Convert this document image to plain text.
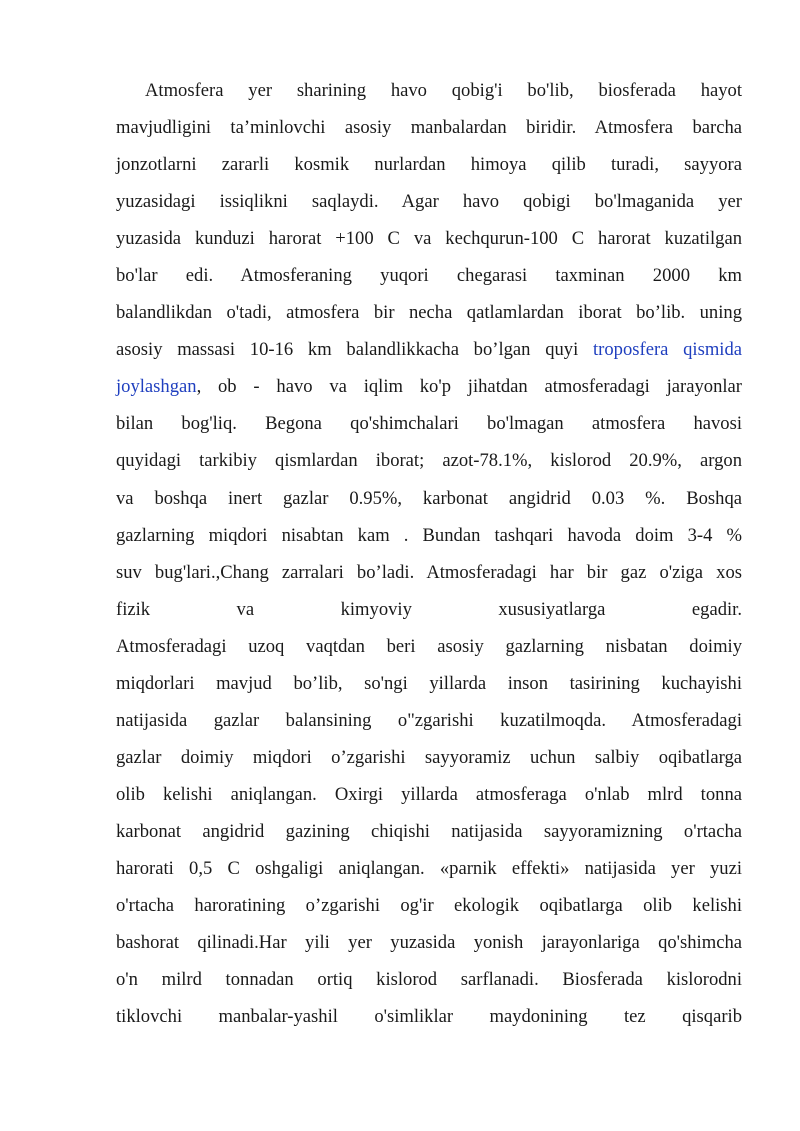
Atmosfera yer sharining havo qobig'i bo'lib, biosferada hayot
mavjudligini ta’minlovchi asosiy manbalardan biridir. Atmosfera barcha
jonzotlarni zararli kosmik nurlardan himoya qilib turadi, sayyora
yuzasidagi issiqlikni saqlaydi. Agar havo qobigi bo'lmaganida yer
yuzasida kunduzi harorat +100 C va kechqurun-100 C harorat kuzatilgan
bo'lar edi. Atmosferaning yuqori chegarasi taxminan 2000 km
balandlikdan o'tadi, atmosfera bir necha qatlamlardan iborat bo’lib. uning
asosiy massasi 10-16 km balandlikkacha bo’lgan quyi troposfera qismida
joylashgan, ob - havo va iqlim ko'p jihatdan atmosferadagi jarayonlar
bilan bog'liq. Begona qo'shimchalari bo'lmagan atmosfera havosi
quyidagi tarkibiy qismlardan iborat; azot-78.1%, kislorod 20.9%, argon
va boshqa inert gazlar 0.95%, karbonat angidrid 0.03 %. Boshqa
gazlarning miqdori nisabtan kam . Bundan tashqari havoda doim 3-4 %
suv bug'lari.,Chang zarralari bo’ladi. Atmosferadagi har bir gaz o'ziga xos
fizik va kimyoviy xususiyatlarga egadir.
Atmosferadagi uzoq vaqtdan beri asosiy gazlarning nisbatan doimiy
miqdorlari mavjud bo’lib, so'ngi yillarda inson tasirining kuchayishi
natijasida gazlar balansining o"zgarishi kuzatilmoqda. Atmosferadagi
gazlar doimiy miqdori o’zgarishi sayyoramiz uchun salbiy oqibatlarga
olib kelishi aniqlangan. Oxirgi yillarda atmosferaga o'nlab mlrd tonna
karbonat angidrid gazining chiqishi natijasida sayyoramizning o'rtacha
harorati 0,5 C oshgaligi aniqlangan. «parnik effekti» natijasida yer yuzi
o'rtacha haroratining o’zgarishi og'ir ekologik oqibatlarga olib kelishi
bashorat qilinadi.Har yili yer yuzasida yonish jarayonlariga qo'shimcha
o'n milrd tonnadan ortiq kislorod sarflanadi. Biosferada kislorodni
tiklovchi manbalar-yashil o'simliklar maydonining tez qisqarib
